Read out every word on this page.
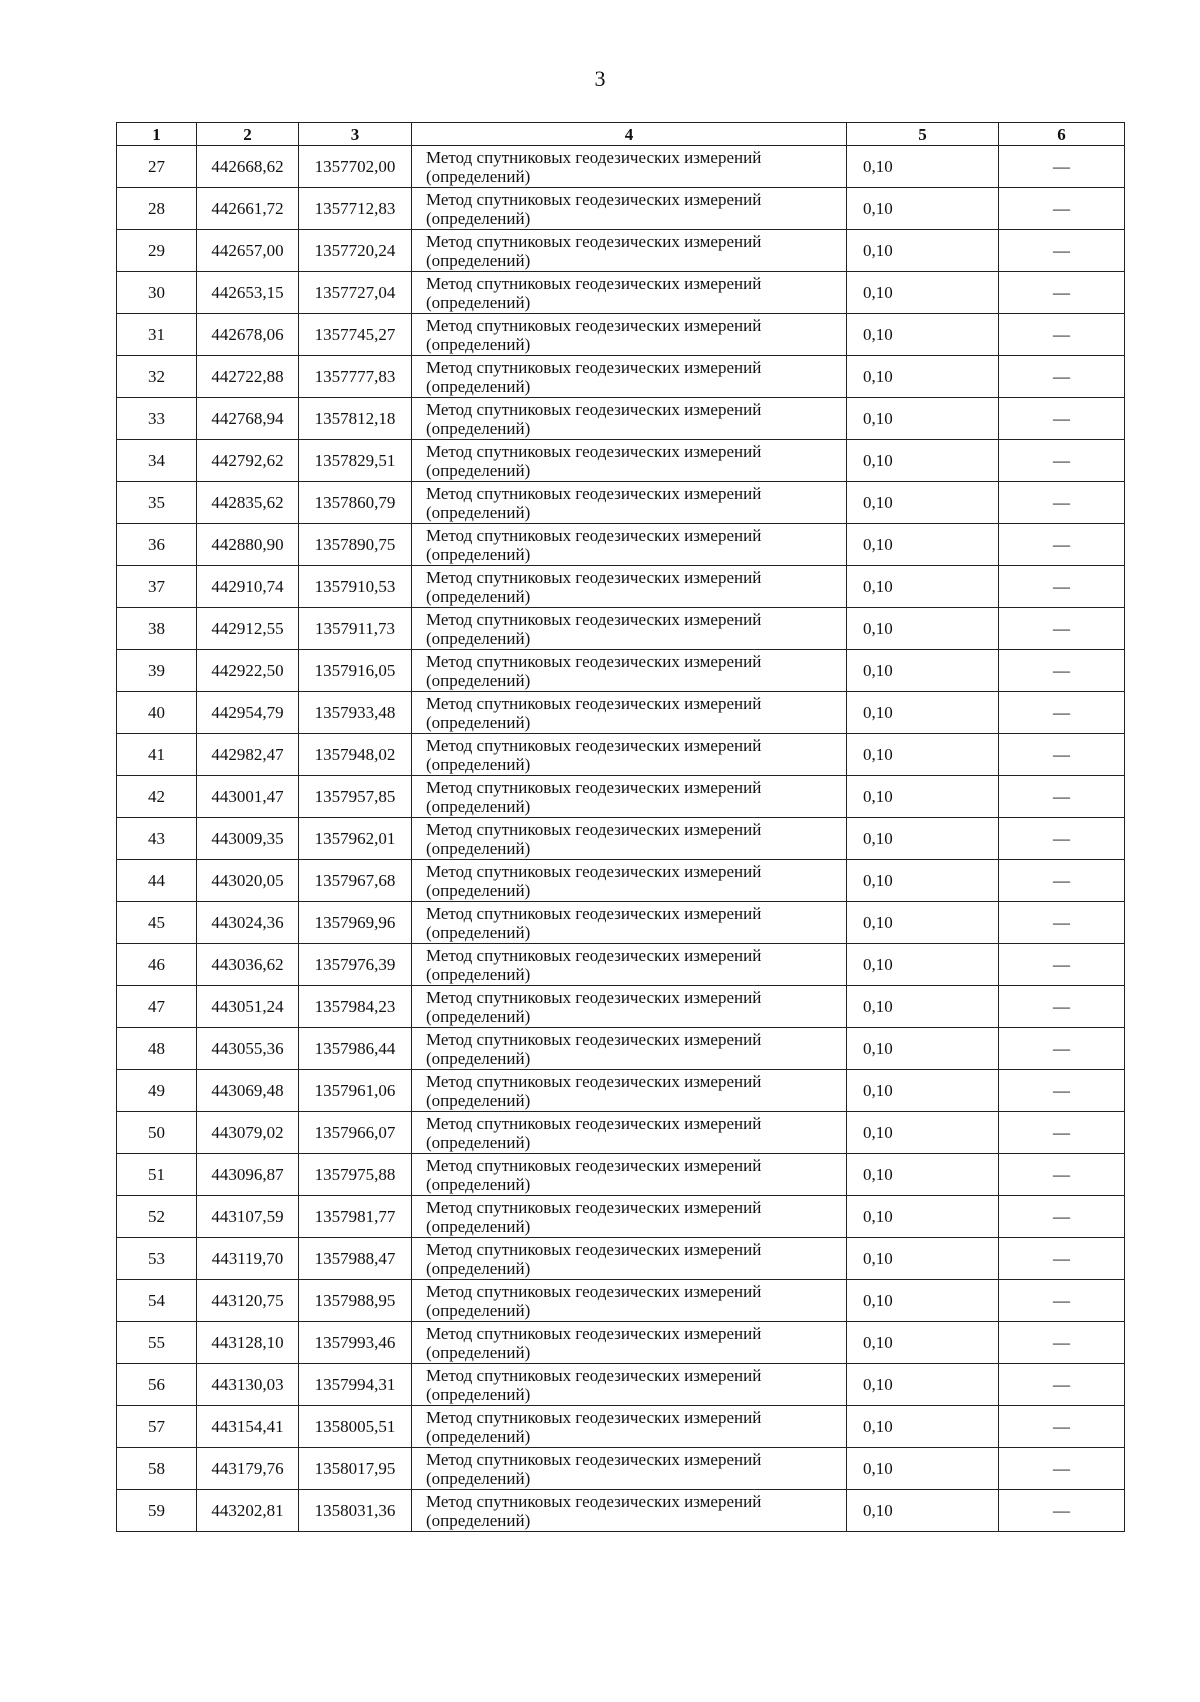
3
1	2	3	4	5	6
27	442668,62	1357702,00	Метод спутниковых геодезических измерений
(определений)	0,10	—
28	442661,72	1357712,83	Метод спутниковых геодезических измерений
(определений)	0,10	—
29	442657,00	1357720,24	Метод спутниковых геодезических измерений
(определений)	0,10	—
30	442653,15	1357727,04	Метод спутниковых геодезических измерений
(определений)	0,10	—
31	442678,06	1357745,27	Метод спутниковых геодезических измерений
(определений)	0,10	—
32	442722,88	1357777,83	Метод спутниковых геодезических измерений
(определений)	0,10	—
33	442768,94	1357812,18	Метод спутниковых геодезических измерений
(определений)	0,10	—
34	442792,62	1357829,51	Метод спутниковых геодезических измерений
(определений)	0,10	—
35	442835,62	1357860,79	Метод спутниковых геодезических измерений
(определений)	0,10	—
36	442880,90	1357890,75	Метод спутниковых геодезических измерений
(определений)	0,10	—
37	442910,74	1357910,53	Метод спутниковых геодезических измерений
(определений)	0,10	—
38	442912,55	1357911,73	Метод спутниковых геодезических измерений
(определений)	0,10	—
39	442922,50	1357916,05	Метод спутниковых геодезических измерений
(определений)	0,10	—
40	442954,79	1357933,48	Метод спутниковых геодезических измерений
(определений)	0,10	—
41	442982,47	1357948,02	Метод спутниковых геодезических измерений
(определений)	0,10	—
42	443001,47	1357957,85	Метод спутниковых геодезических измерений
(определений)	0,10	—
43	443009,35	1357962,01	Метод спутниковых геодезических измерений
(определений)	0,10	—
44	443020,05	1357967,68	Метод спутниковых геодезических измерений
(определений)	0,10	—
45	443024,36	1357969,96	Метод спутниковых геодезических измерений
(определений)	0,10	—
46	443036,62	1357976,39	Метод спутниковых геодезических измерений
(определений)	0,10	—
47	443051,24	1357984,23	Метод спутниковых геодезических измерений
(определений)	0,10	—
48	443055,36	1357986,44	Метод спутниковых геодезических измерений
(определений)	0,10	—
49	443069,48	1357961,06	Метод спутниковых геодезических измерений
(определений)	0,10	—
50	443079,02	1357966,07	Метод спутниковых геодезических измерений
(определений)	0,10	—
51	443096,87	1357975,88	Метод спутниковых геодезических измерений
(определений)	0,10	—
52	443107,59	1357981,77	Метод спутниковых геодезических измерений
(определений)	0,10	—
53	443119,70	1357988,47	Метод спутниковых геодезических измерений
(определений)	0,10	—
54	443120,75	1357988,95	Метод спутниковых геодезических измерений
(определений)	0,10	—
55	443128,10	1357993,46	Метод спутниковых геодезических измерений
(определений)	0,10	—
56	443130,03	1357994,31	Метод спутниковых геодезических измерений
(определений)	0,10	—
57	443154,41	1358005,51	Метод спутниковых геодезических измерений
(определений)	0,10	—
58	443179,76	1358017,95	Метод спутниковых геодезических измерений
(определений)	0,10	—
59	443202,81	1358031,36	Метод спутниковых геодезических измерений
(определений)	0,10	—
